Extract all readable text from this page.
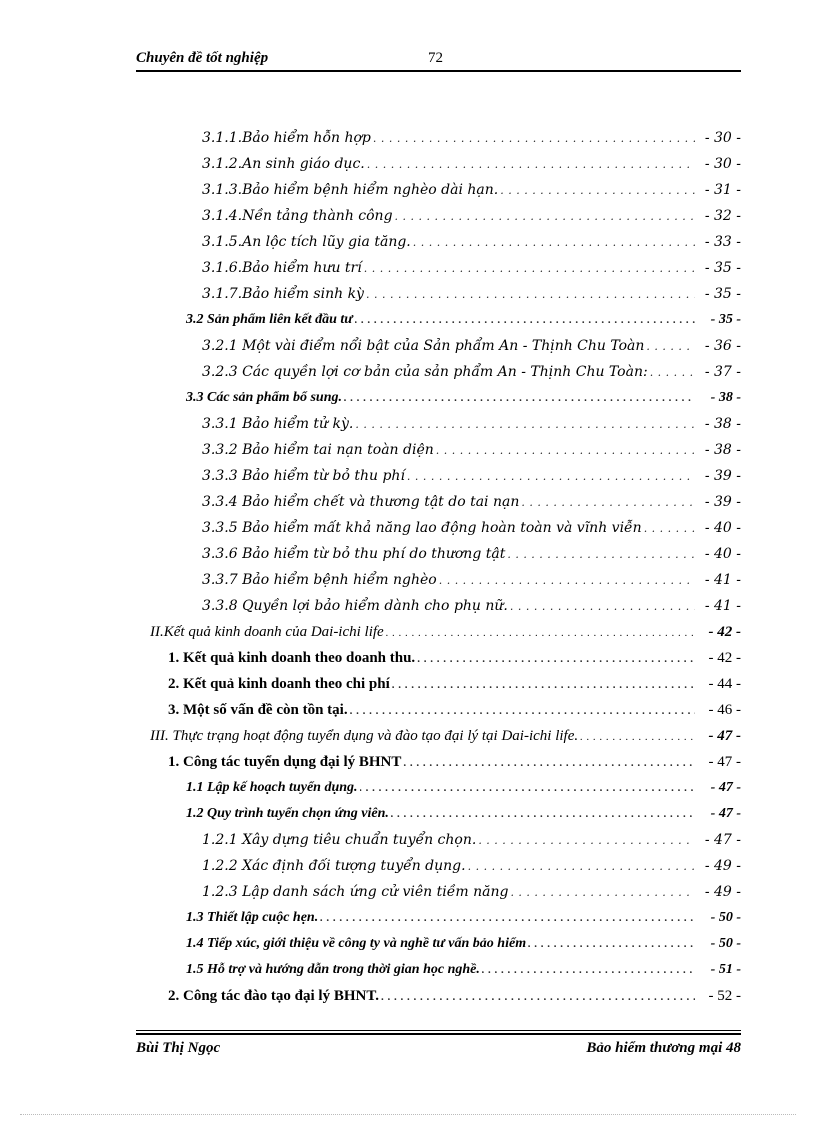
Chuyên đề tốt nghiệp	72
3.1.1. Bảo hiểm hỗn hợp . . .	- 30 -
3.1.2. An sinh giáo dục. . . .	- 30 -
3.1.3. Bảo hiểm bệnh hiểm nghèo dài hạn. . . .	- 31 -
3.1.4. Nền tảng thành công . . .	- 32 -
3.1.5. An lộc tích lũy gia tăng. . . .	- 33 -
3.1.6. Bảo hiểm hưu trí . . .	- 35 -
3.1.7. Bảo hiểm sinh kỳ . . .	- 35 -
3.2 Sản phẩm liên kết đầu tư . . .	- 35 -
3.2.1 Một vài điểm nổi bật của Sản phẩm An - Thịnh Chu Toàn . . .	- 36 -
3.2.3 Các quyền lợi cơ bản của sản phẩm An - Thịnh Chu Toàn: . . .	- 37 -
3.3 Các sản phẩm bổ sung. . . .	- 38 -
3.3.1 Bảo hiểm tử kỳ. . . .	- 38 -
3.3.2 Bảo hiểm tai nạn toàn diện . . .	- 38 -
3.3.3 Bảo hiểm từ bỏ thu phí . . .	- 39 -
3.3.4 Bảo hiểm chết và thương tật do tai nạn . . .	- 39 -
3.3.5 Bảo hiểm mất khả năng lao động hoàn toàn và vĩnh viễn . . .	- 40 -
3.3.6 Bảo hiểm từ bỏ thu phí do thương tật . . .	- 40 -
3.3.7 Bảo hiểm bệnh hiểm nghèo . . .	- 41 -
3.3.8 Quyền lợi bảo hiểm dành cho phụ nữ. . . .	- 41 -
II. Kết quả kinh doanh của Dai-ichi life . . .	- 42 -
1. Kết quả kinh doanh theo doanh thu. . . .	- 42 -
2. Kết quả kinh doanh theo chi phí . . .	- 44 -
3. Một số vấn đề còn tồn tại. . . .	- 46 -
III. Thực trạng hoạt động tuyển dụng và đào tạo đại lý tại Dai-ichi life. . . .	- 47 -
1. Công tác tuyển dụng đại lý BHNT . . .	- 47 -
1.1 Lập kế hoạch tuyển dụng. . . .	- 47 -
1.2 Quy trình tuyển chọn ứng viên. . . .	- 47 -
1.2.1 Xây dựng tiêu chuẩn tuyển chọn. . . .	- 47 -
1.2.2 Xác định đối tượng tuyển dụng. . . .	- 49 -
1.2.3 Lập danh sách ứng cử viên tiềm năng . . .	- 49 -
1.3 Thiết lập cuộc hẹn. . . .	- 50 -
1.4 Tiếp xúc, giới thiệu về công ty và nghề tư vấn bảo hiểm . . .	- 50 -
1.5 Hỗ trợ và hướng dẫn trong thời gian học nghề. . . .	- 51 -
2. Công tác đào tạo đại lý BHNT. . . .	- 52 -
Bùi Thị Ngọc	Bảo hiểm thương mại 48
